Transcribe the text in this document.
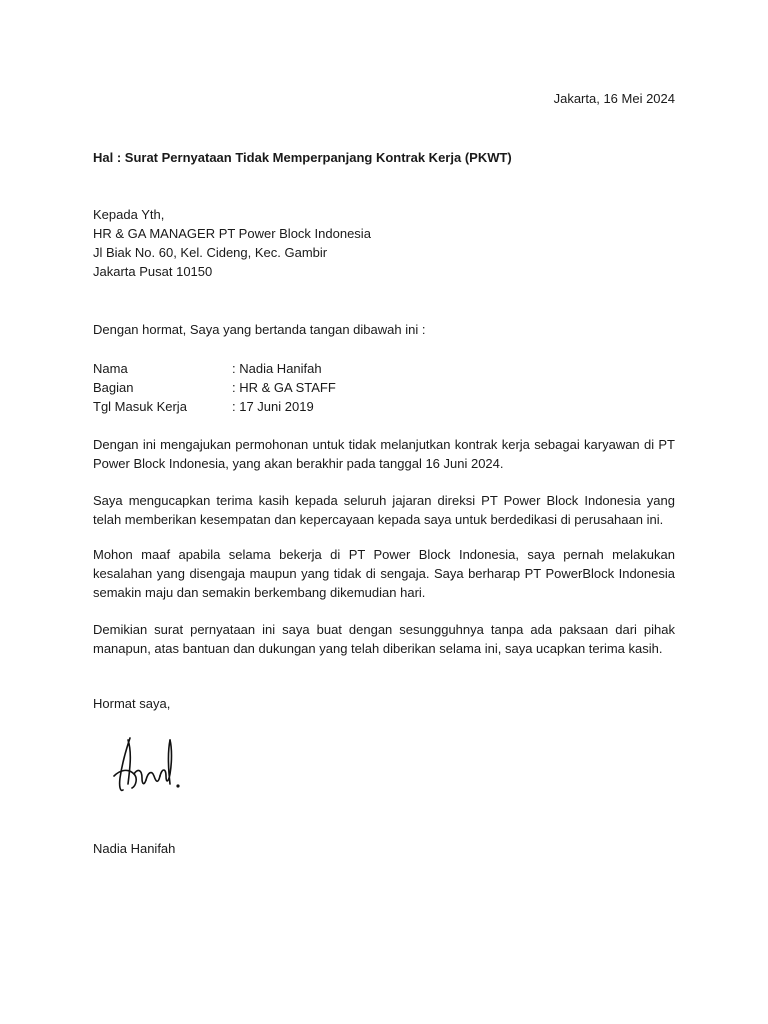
Jakarta, 16 Mei 2024
Hal : Surat Pernyataan Tidak Memperpanjang Kontrak Kerja (PKWT)
Kepada Yth,
HR & GA MANAGER PT Power Block Indonesia
Jl Biak No. 60, Kel. Cideng, Kec. Gambir
Jakarta Pusat 10150
Dengan hormat, Saya yang bertanda tangan dibawah ini :
Nama	: Nadia Hanifah
Bagian	: HR & GA STAFF
Tgl Masuk Kerja	: 17 Juni 2019

Dengan ini mengajukan permohonan untuk tidak melanjutkan kontrak kerja sebagai karyawan di PT Power Block Indonesia, yang akan berakhir pada tanggal 16 Juni 2024.

Saya mengucapkan terima kasih kepada seluruh jajaran direksi PT Power Block Indonesia yang telah memberikan kesempatan dan kepercayaan kepada saya untuk berdedikasi di perusahaan ini.

Mohon maaf apabila selama bekerja di PT Power Block Indonesia, saya pernah melakukan kesalahan yang disengaja maupun yang tidak di sengaja. Saya berharap PT PowerBlock Indonesia semakin maju dan semakin berkembang dikemudian hari.

Demikian surat pernyataan ini saya buat dengan sesungguhnya tanpa ada paksaan dari pihak manapun, atas bantuan dan dukungan yang telah diberikan selama ini, saya ucapkan terima kasih.

Hormat saya,
Nadia Hanifah
